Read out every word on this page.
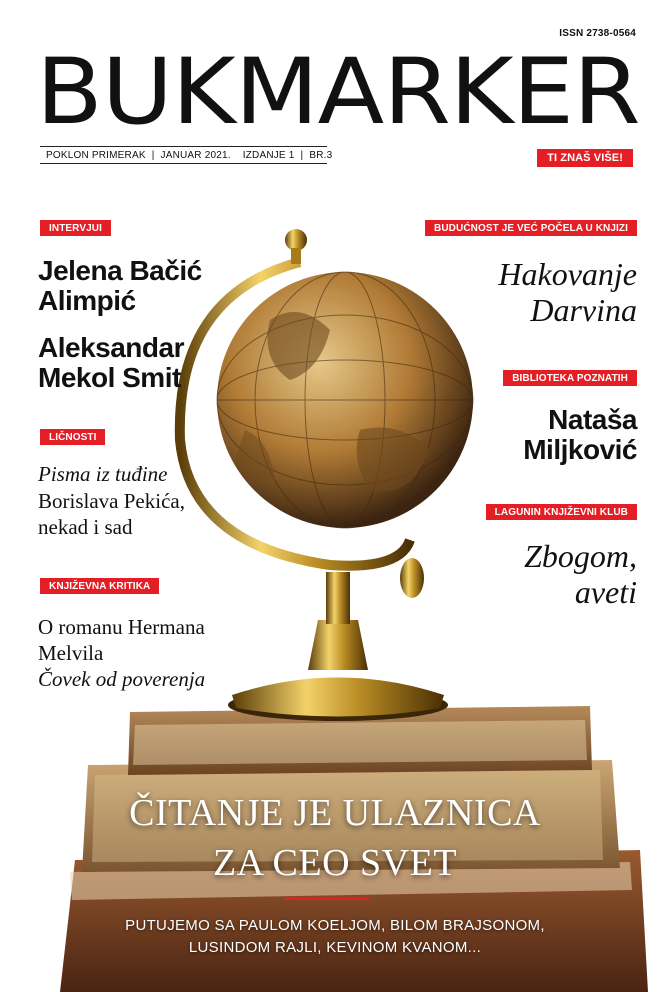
ISSN 2738-0564
BUKMARKER
POKLON PRIMERAK | JANUAR 2021. IZDANJE 1 | BR.3	TI ZNAŠ VIŠE!
INTERVJUI
Jelena Bačić Alimpić
Aleksandar Mekol Smit
LIČNOSTI
Pisma iz tuđine
Borislava Pekića, nekad i sad
KNJIŽEVNA KRITIKA
O romanu Hermana Melvila
Čovek od poverenja
BUDUĆNOST JE VEĆ POČELA U KNJIZI
Hakovanje Darvina
BIBLIOTEKA POZNATIH
Nataša Miljković
LAGUNIN KNJIŽEVNI KLUB
Zbogom, aveti
ČITANJE JE ULAZNICA
ZA CEO SVET
PUTUJEMO SA PAULOM KOELJOM, BILOM BRAJSONOM,
LUSINDOM RAJLI, KEVINOM KVANOM...
